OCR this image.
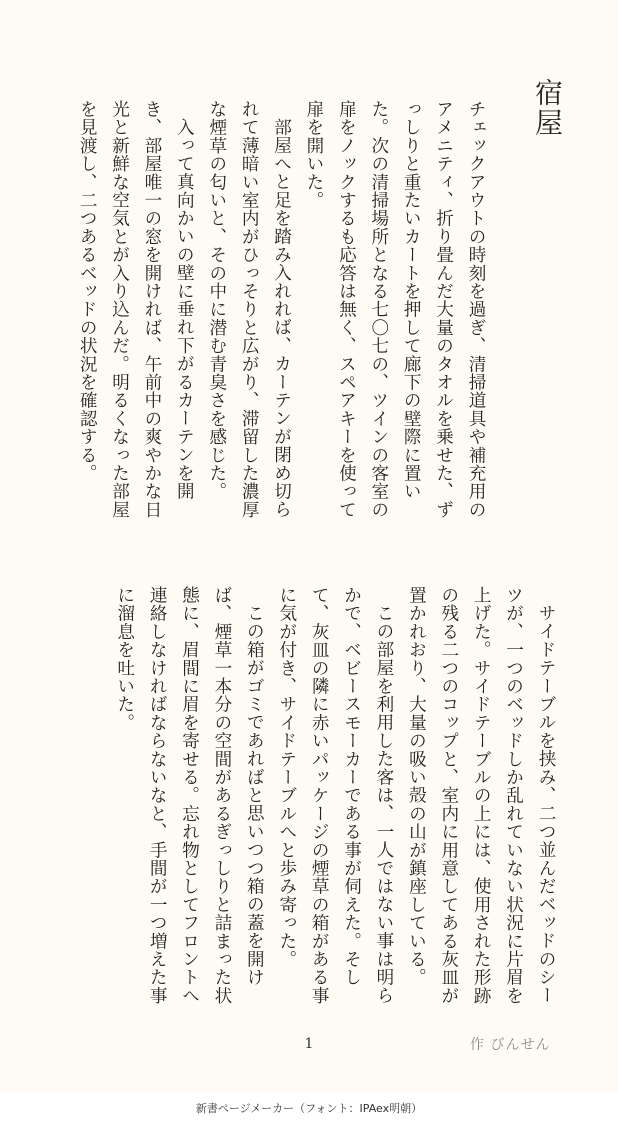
宿屋

チェックアウトの時刻を過ぎ、清掃道具や補充用のアメニティ、折り畳んだ大量のタオルを乗せた、ずっしりと重たいカートを押して廊下の壁際に置いた。次の清掃場所となる七〇七の、ツインの客室の扉をノックするも応答は無く、スペアキーを使って扉を開いた。

部屋へと足を踏み入れれば、カーテンが閉め切られて薄暗い室内がひっそりと広がり、滞留した濃厚な煙草の匂いと、その中に潜む青臭さを感じた。

入って真向かいの壁に垂れ下がるカーテンを開き、部屋唯一の窓を開ければ、午前中の爽やかな日光と新鮮な空気とが入り込んだ。明るくなった部屋を見渡し、二つあるベッドの状況を確認する。

サイドテーブルを挟み、二つ並んだベッドのシーツが、一つのベッドしか乱れていない状況に片眉を上げた。サイドテーブルの上には、使用された形跡の残る二つのコップと、室内に用意してある灰皿が置かれおり、大量の吸い殻の山が鎮座している。

この部屋を利用した客は、一人ではない事は明らかで、ベビースモーカーである事が伺えた。そして、灰皿の隣に赤いパッケージの煙草の箱がある事に気が付き、サイドテーブルへと歩み寄った。

この箱がゴミであればと思いつつ箱の蓋を開けば、煙草一本分の空間があるぎっしりと詰まった状態に、眉間に眉を寄せる。忘れ物としてフロントへ連絡しなければならないなと、手間が一つ増えた事に溜息を吐いた。

1	作 びんせん
新書ページメーカー（フォント：IPAex明朝）
